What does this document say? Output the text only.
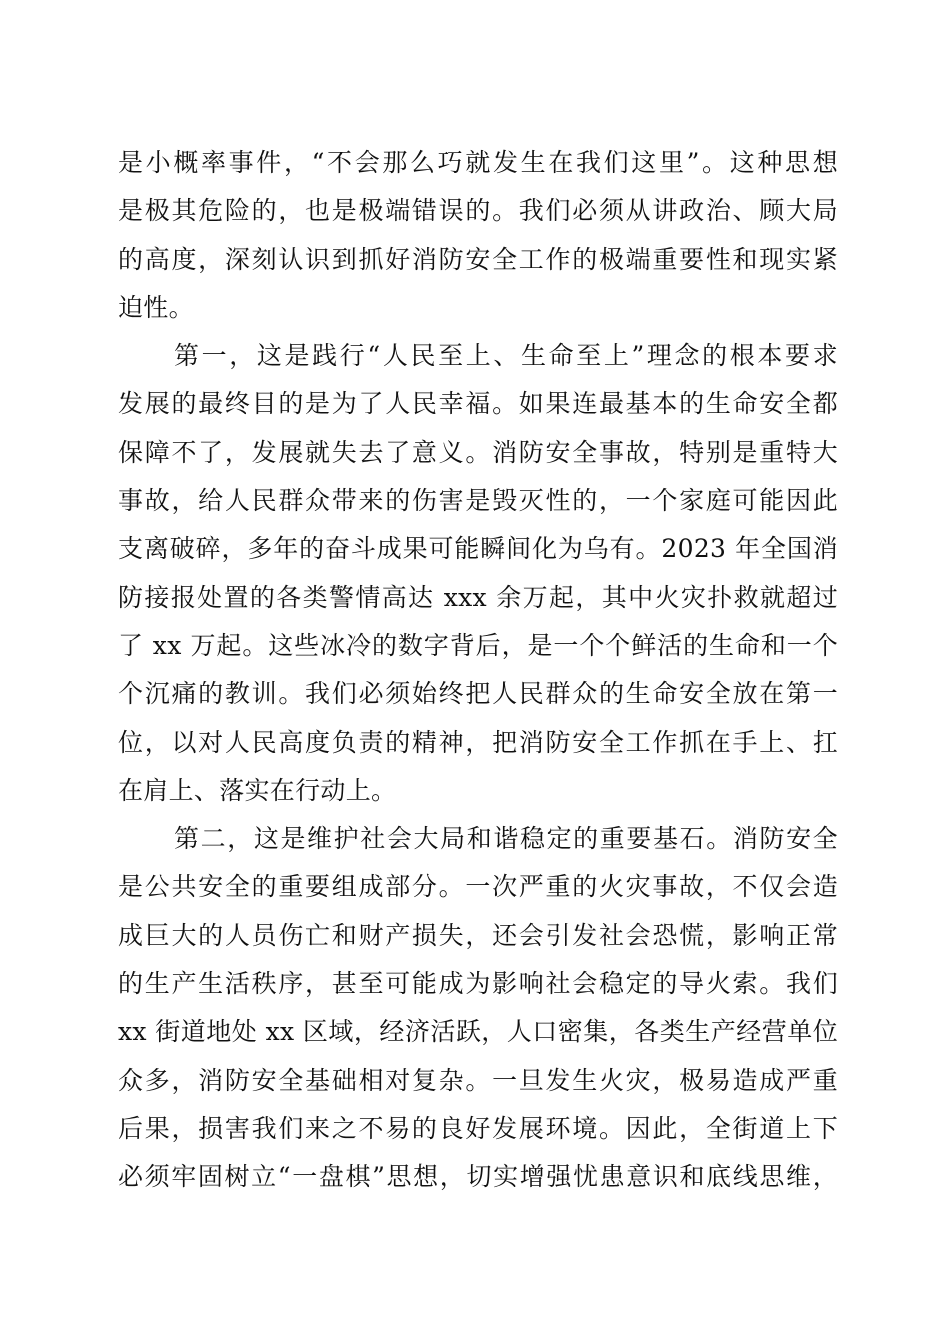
是小概率事件，“不会那么巧就发生在我们这里”。这种思想
是极其危险的，也是极端错误的。我们必须从讲政治、顾大局
的高度，深刻认识到抓好消防安全工作的极端重要性和现实紧
迫性。
第一，这是践行“人民至上、生命至上”理念的根本要求
发展的最终目的是为了人民幸福。如果连最基本的生命安全都
保障不了，发展就失去了意义。消防安全事故，特别是重特大
事故，给人民群众带来的伤害是毁灭性的，一个家庭可能因此
支离破碎，多年的奋斗成果可能瞬间化为乌有。2023 年全国消
防接报处置的各类警情高达 xxx 余万起，其中火灾扑救就超过
了 xx 万起。这些冰冷的数字背后，是一个个鲜活的生命和一个
个沉痛的教训。我们必须始终把人民群众的生命安全放在第一
位，以对人民高度负责的精神，把消防安全工作抓在手上、扛
在肩上、落实在行动上。
第二，这是维护社会大局和谐稳定的重要基石。消防安全
是公共安全的重要组成部分。一次严重的火灾事故，不仅会造
成巨大的人员伤亡和财产损失，还会引发社会恐慌，影响正常
的生产生活秩序，甚至可能成为影响社会稳定的导火索。我们
xx 街道地处 xx 区域，经济活跃，人口密集，各类生产经营单位
众多，消防安全基础相对复杂。一旦发生火灾，极易造成严重
后果，损害我们来之不易的良好发展环境。因此，全街道上下
必须牢固树立“一盘棋”思想，切实增强忧患意识和底线思维，
